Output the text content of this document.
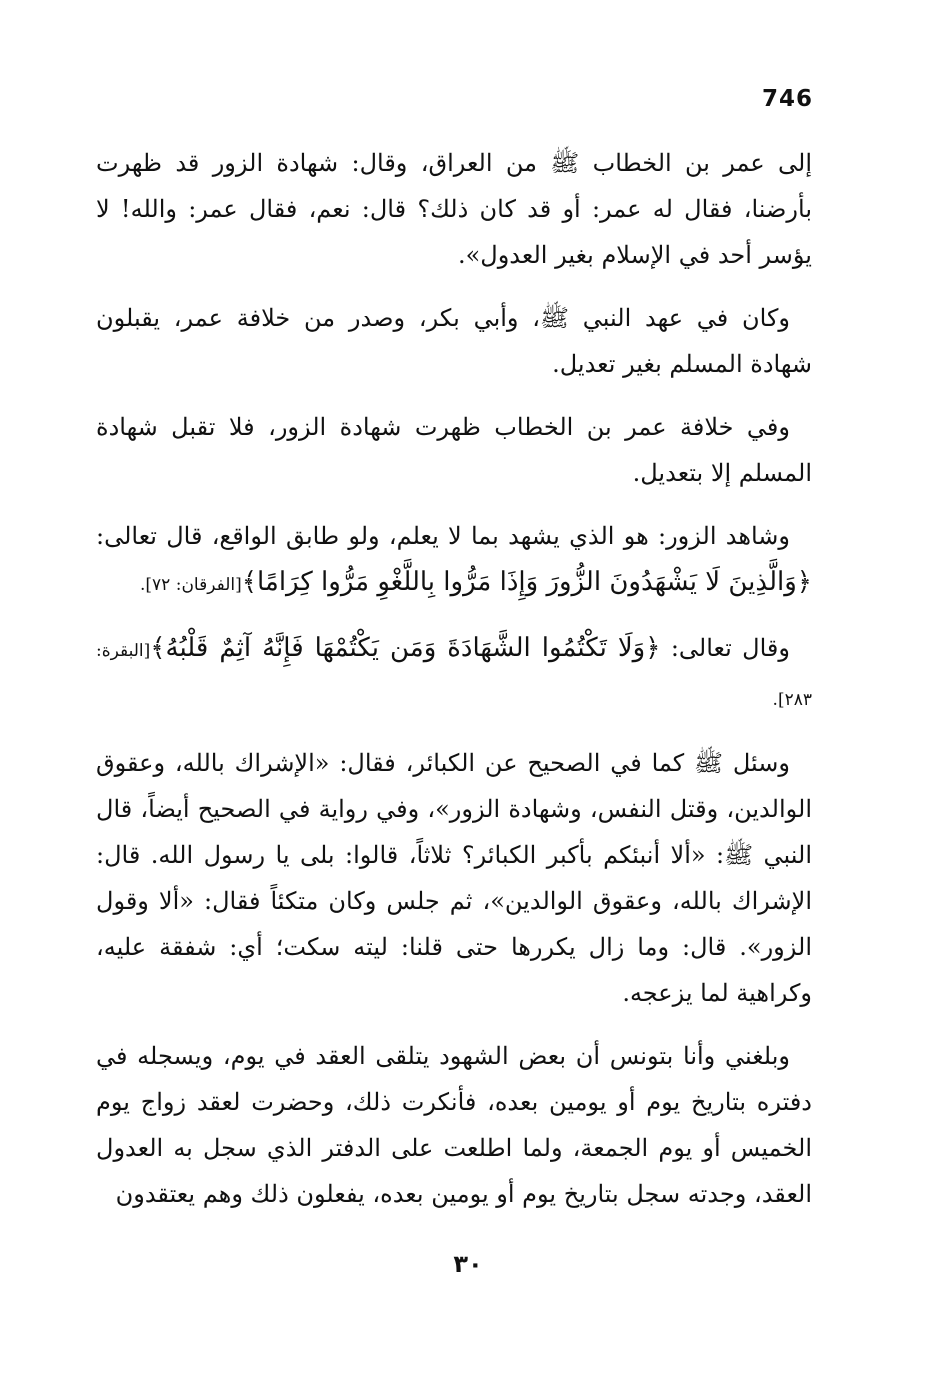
746

إلى عمر بن الخطاب ﷺ من العراق، وقال: شهادة الزور قد ظهرت بأرضنا، فقال له عمر: أو قد كان ذلك؟ قال: نعم، فقال عمر: والله! لا يؤسر أحد في الإسلام بغير العدول».

وكان في عهد النبي ﷺ، وأبي بكر، وصدر من خلافة عمر، يقبلون شهادة المسلم بغير تعديل.

وفي خلافة عمر بن الخطاب ظهرت شهادة الزور، فلا تقبل شهادة المسلم إلا بتعديل.

وشاهد الزور: هو الذي يشهد بما لا يعلم، ولو طابق الواقع، قال تعالى: ﴿وَالَّذِينَ لَا يَشْهَدُونَ الزُّورَ وَإِذَا مَرُّوا بِاللَّغْوِ مَرُّوا كِرَامًا﴾[الفرقان: ٧٢].

وقال تعالى: ﴿وَلَا تَكْتُمُوا الشَّهَادَةَ وَمَن يَكْتُمْهَا فَإِنَّهُ آثِمٌ قَلْبُهُ﴾[البقرة: ٢٨٣].

وسئل ﷺ كما في الصحيح عن الكبائر، فقال: «الإشراك بالله، وعقوق الوالدين، وقتل النفس، وشهادة الزور»، وفي رواية في الصحيح أيضاً، قال النبي ﷺ: «ألا أنبئكم بأكبر الكبائر؟ ثلاثاً، قالوا: بلى يا رسول الله. قال: الإشراك بالله، وعقوق الوالدين»، ثم جلس وكان متكئاً فقال: «ألا وقول الزور». قال: وما زال يكررها حتى قلنا: ليته سكت؛ أي: شفقة عليه، وكراهية لما يزعجه.

وبلغني وأنا بتونس أن بعض الشهود يتلقى العقد في يوم، ويسجله في دفتره بتاريخ يوم أو يومين بعده، فأنكرت ذلك، وحضرت لعقد زواج يوم الخميس أو يوم الجمعة، ولما اطلعت على الدفتر الذي سجل به العدول العقد، وجدته سجل بتاريخ يوم أو يومين بعده، يفعلون ذلك وهم يعتقدون

٣٠
